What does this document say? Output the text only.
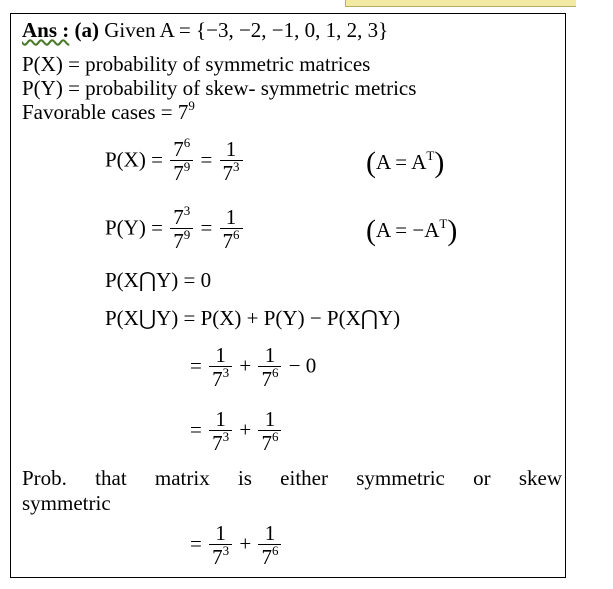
Ans : (a) Given A = {−3, −2, −1, 0, 1, 2, 3}
P(X) = probability of symmetric matrices
P(Y) = probability of skew- symmetric metrics
Favorable cases = $7^9$
$P(X) = \frac{7^6}{7^9} = \frac{1}{7^3}$	$(A = A^T)$
$P(Y) = \frac{7^3}{7^9} = \frac{1}{7^6}$	$(A = -A^T)$
P(X⋂Y) = 0
P(X⋃Y) = P(X) + P(Y) − P(X⋂Y)
= $\frac{1}{7^3} + \frac{1}{7^6} - 0$
= $\frac{1}{7^3} + \frac{1}{7^6}$
Prob. that matrix is either symmetric or skew
symmetric
= $\frac{1}{7^3} + \frac{1}{7^6}$
